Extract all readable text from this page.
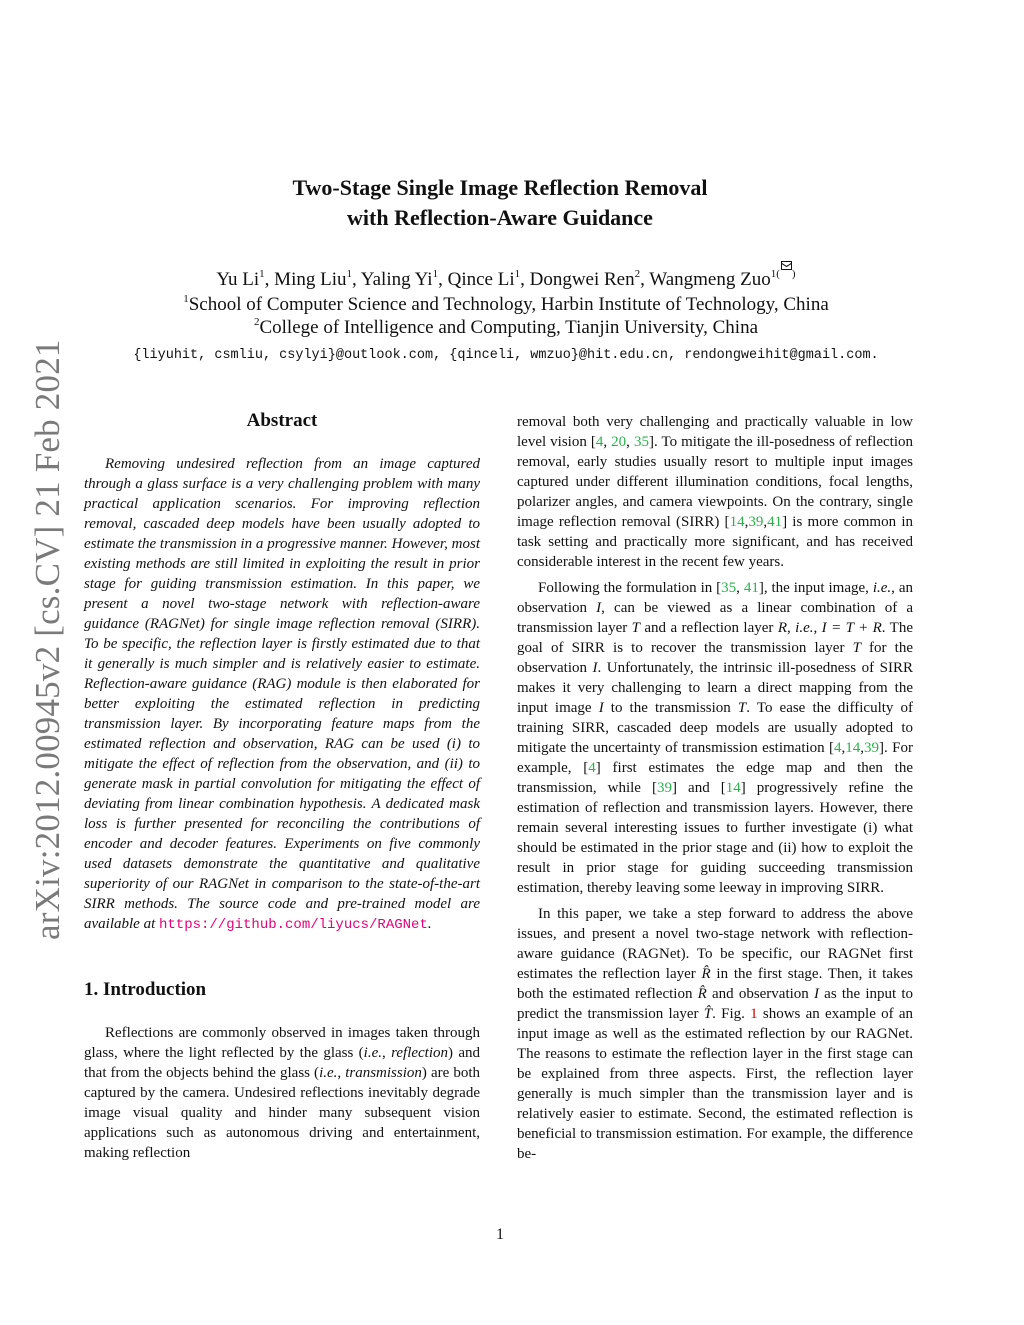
arXiv:2012.00945v2 [cs.CV] 21 Feb 2021
Two-Stage Single Image Reflection Removal
with Reflection-Aware Guidance
Yu Li$^1$, Ming Liu$^1$, Yaling Yi$^1$, Qince Li$^1$, Dongwei Ren$^2$, Wangmeng Zuo$^{1( )}$
$^1$School of Computer Science and Technology, Harbin Institute of Technology, China
$^2$College of Intelligence and Computing, Tianjin University, China
{liyuhit, csmliu, csylyi}@outlook.com, {qinceli, wmzuo}@hit.edu.cn, rendongweihit@gmail.com.
Abstract

Removing undesired reflection from an image captured through a glass surface is a very challenging problem with many practical application scenarios. For improving reflection removal, cascaded deep models have been usually adopted to estimate the transmission in a progressive manner. However, most existing methods are still limited in exploiting the result in prior stage for guiding transmission estimation. In this paper, we present a novel two-stage network with reflection-aware guidance (RAGNet) for single image reflection removal (SIRR). To be specific, the reflection layer is firstly estimated due to that it generally is much simpler and is relatively easier to estimate. Reflection-aware guidance (RAG) module is then elaborated for better exploiting the estimated reflection in predicting transmission layer. By incorporating feature maps from the estimated reflection and observation, RAG can be used (i) to mitigate the effect of reflection from the observation, and (ii) to generate mask in partial convolution for mitigating the effect of deviating from linear combination hypothesis. A dedicated mask loss is further presented for reconciling the contributions of encoder and decoder features. Experiments on five commonly used datasets demonstrate the quantitative and qualitative superiority of our RAGNet in comparison to the state-of-the-art SIRR methods. The source code and pre-trained model are available at https://github.com/liyucs/RAGNet.

1. Introduction

Reflections are commonly observed in images taken through glass, where the light reflected by the glass (i.e., reflection) and that from the objects behind the glass (i.e., transmission) are both captured by the camera. Undesired reflections inevitably degrade image visual quality and hinder many subsequent vision applications such as autonomous driving and entertainment, making reflection

removal both very challenging and practically valuable in low level vision [4, 20, 35]. To mitigate the ill-posedness of reflection removal, early studies usually resort to multiple input images captured under different illumination conditions, focal lengths, polarizer angles, and camera viewpoints. On the contrary, single image reflection removal (SIRR) [14,39,41] is more common in task setting and practically more significant, and has received considerable interest in the recent few years.

Following the formulation in [35, 41], the input image, i.e., an observation I, can be viewed as a linear combination of a transmission layer T and a reflection layer R, i.e., I = T + R. The goal of SIRR is to recover the transmission layer T for the observation I. Unfortunately, the intrinsic ill-posedness of SIRR makes it very challenging to learn a direct mapping from the input image I to the transmission T. To ease the difficulty of training SIRR, cascaded deep models are usually adopted to mitigate the uncertainty of transmission estimation [4,14,39]. For example, [4] first estimates the edge map and then the transmission, while [39] and [14] progressively refine the estimation of reflection and transmission layers. However, there remain several interesting issues to further investigate (i) what should be estimated in the prior stage and (ii) how to exploit the result in prior stage for guiding succeeding transmission estimation, thereby leaving some leeway in improving SIRR.

In this paper, we take a step forward to address the above issues, and present a novel two-stage network with reflection-aware guidance (RAGNet). To be specific, our RAGNet first estimates the reflection layer R̂ in the first stage. Then, it takes both the estimated reflection R̂ and observation I as the input to predict the transmission layer T̂. Fig. 1 shows an example of an input image as well as the estimated reflection by our RAGNet. The reasons to estimate the reflection layer in the first stage can be explained from three aspects. First, the reflection layer generally is much simpler than the transmission layer and is relatively easier to estimate. Second, the estimated reflection is beneficial to transmission estimation. For example, the difference be-

1
